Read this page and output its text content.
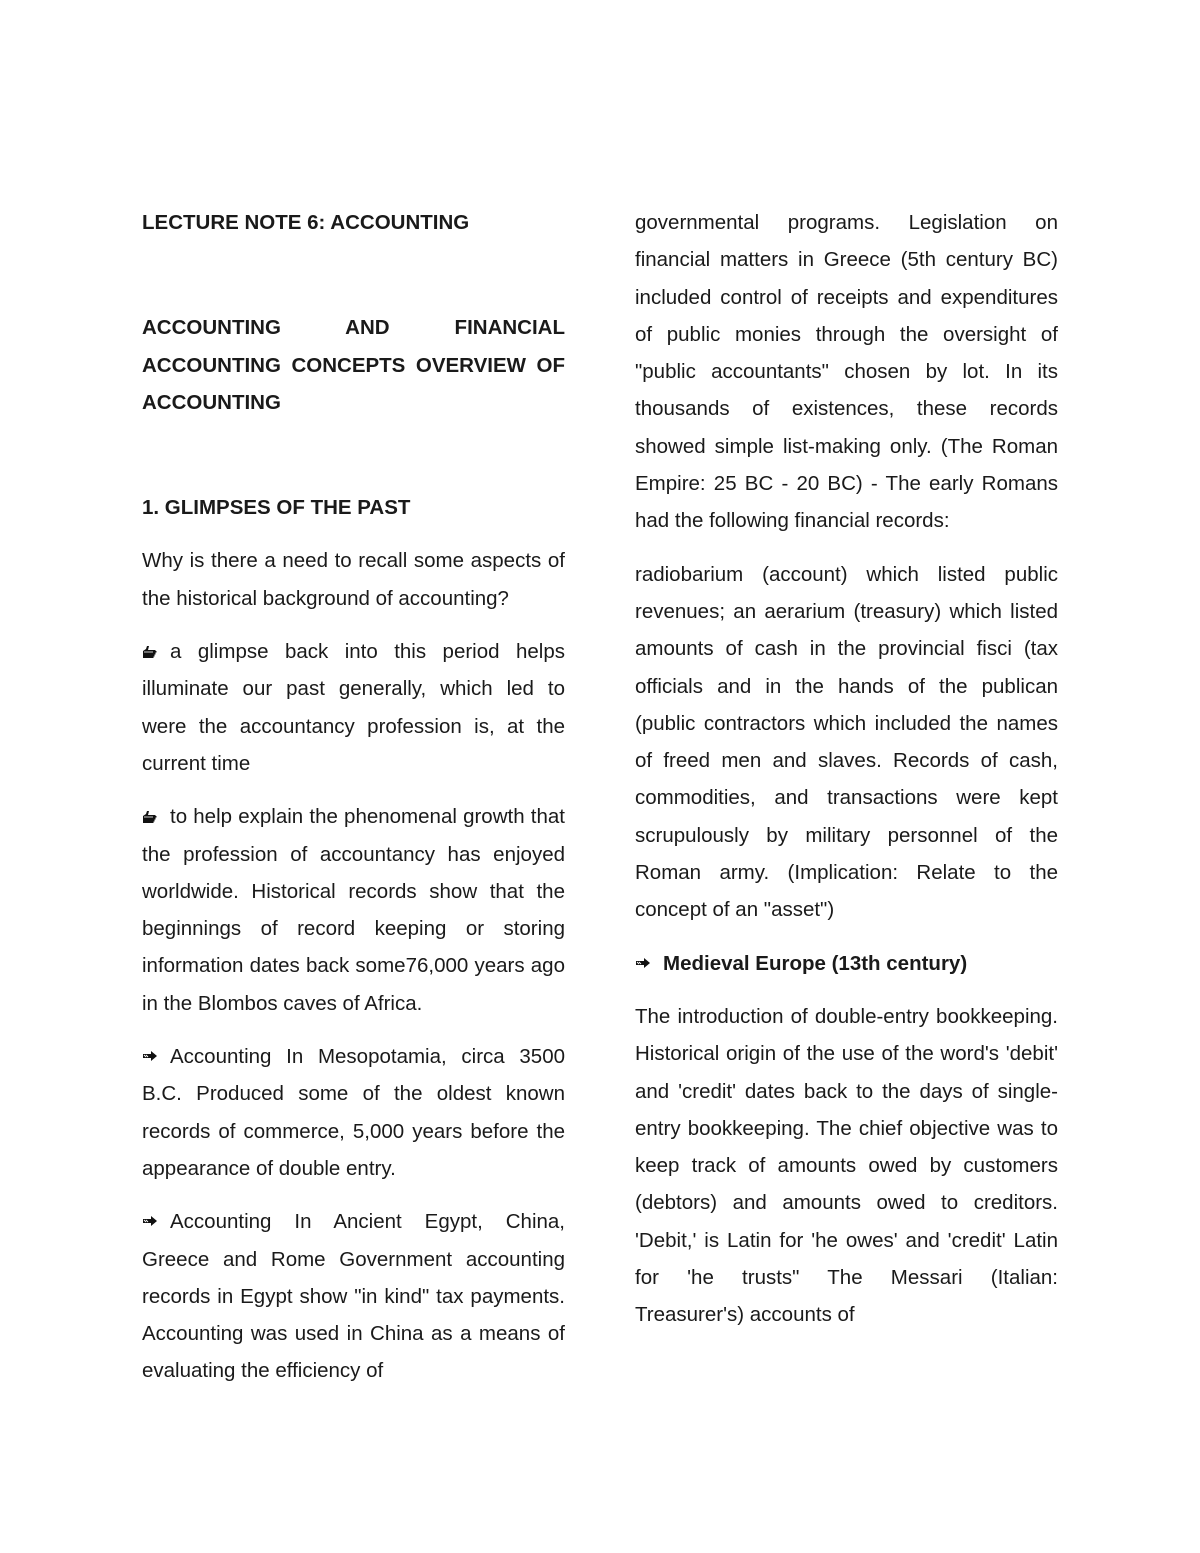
LECTURE NOTE 6: ACCOUNTING

ACCOUNTING AND FINANCIAL ACCOUNTING CONCEPTS OVERVIEW OF ACCOUNTING

1. GLIMPSES OF THE PAST

Why is there a need to recall some aspects of the historical background of accounting?

a glimpse back into this period helps illuminate our past generally, which led to were the accountancy profession is, at the current time

to help explain the phenomenal growth that the profession of accountancy has enjoyed worldwide. Historical records show that the beginnings of record keeping or storing information dates back some76,000 years ago in the Blombos caves of Africa.

Accounting In Mesopotamia, circa 3500 B.C. Produced some of the oldest known records of commerce, 5,000 years before the appearance of double entry.

Accounting In Ancient Egypt, China, Greece and Rome Government accounting records in Egypt show "in kind" tax payments. Accounting was used in China as a means of evaluating the efficiency of

governmental programs. Legislation on financial matters in Greece (5th century BC) included control of receipts and expenditures of public monies through the oversight of "public accountants" chosen by lot. In its thousands of existences, these records showed simple list-making only. (The Roman Empire: 25 BC - 20 BC) - The early Romans had the following financial records:

radiobarium (account) which listed public revenues; an aerarium (treasury) which listed amounts of cash in the provincial fisci (tax officials and in the hands of the publican (public contractors which included the names of freed men and slaves. Records of cash, commodities, and transactions were kept scrupulously by military personnel of the Roman army. (Implication: Relate to the concept of an "asset")

Medieval Europe (13th century)

The introduction of double-entry bookkeeping. Historical origin of the use of the word's 'debit' and 'credit' dates back to the days of single-entry bookkeeping. The chief objective was to keep track of amounts owed by customers (debtors) and amounts owed to creditors. 'Debit,' is Latin for 'he owes' and 'credit' Latin for 'he trusts" The Messari (Italian: Treasurer's) accounts of
